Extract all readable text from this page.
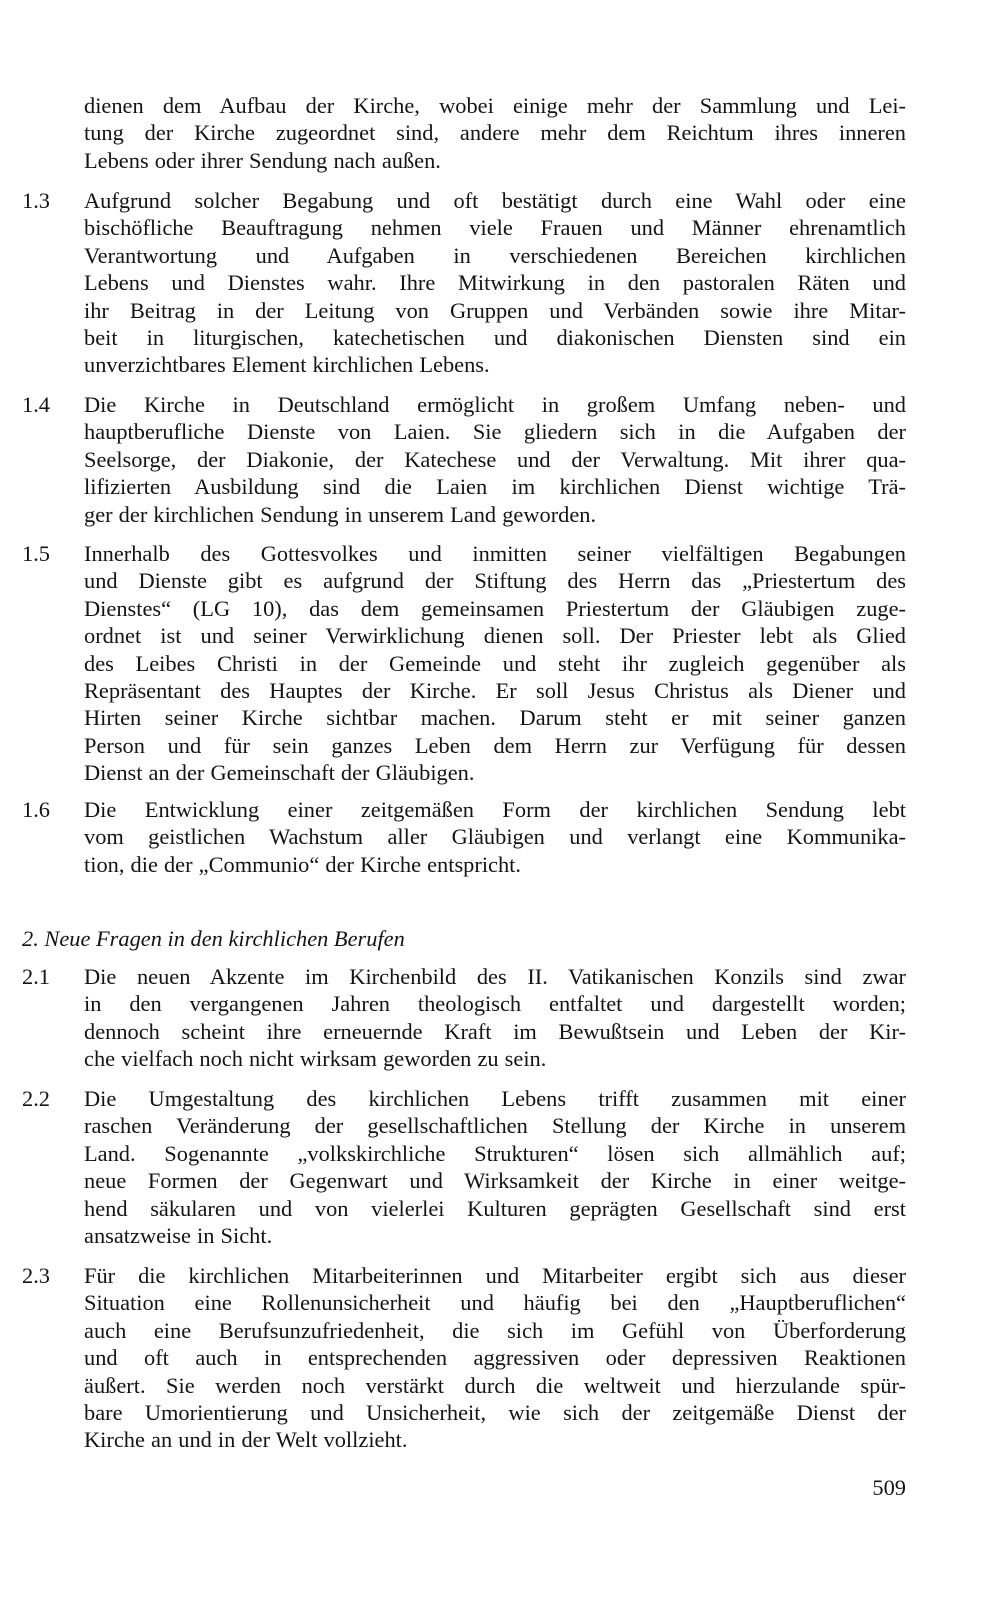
dienen dem Aufbau der Kirche, wobei einige mehr der Sammlung und Lei-
tung der Kirche zugeordnet sind, andere mehr dem Reichtum ihres inneren
Lebens oder ihrer Sendung nach außen.
1.3	Aufgrund solcher Begabung und oft bestätigt durch eine Wahl oder eine
bischöfliche Beauftragung nehmen viele Frauen und Männer ehrenamtlich
Verantwortung und Aufgaben in verschiedenen Bereichen kirchlichen
Lebens und Dienstes wahr. Ihre Mitwirkung in den pastoralen Räten und
ihr Beitrag in der Leitung von Gruppen und Verbänden sowie ihre Mitar-
beit in liturgischen, katechetischen und diakonischen Diensten sind ein
unverzichtbares Element kirchlichen Lebens.
1.4	Die Kirche in Deutschland ermöglicht in großem Umfang neben- und
hauptberufliche Dienste von Laien. Sie gliedern sich in die Aufgaben der
Seelsorge, der Diakonie, der Katechese und der Verwaltung. Mit ihrer qua-
lifizierten Ausbildung sind die Laien im kirchlichen Dienst wichtige Trä-
ger der kirchlichen Sendung in unserem Land geworden.
1.5	Innerhalb des Gottesvolkes und inmitten seiner vielfältigen Begabungen
und Dienste gibt es aufgrund der Stiftung des Herrn das „Priestertum des
Dienstes“ (LG 10), das dem gemeinsamen Priestertum der Gläubigen zuge-
ordnet ist und seiner Verwirklichung dienen soll. Der Priester lebt als Glied
des Leibes Christi in der Gemeinde und steht ihr zugleich gegenüber als
Repräsentant des Hauptes der Kirche. Er soll Jesus Christus als Diener und
Hirten seiner Kirche sichtbar machen. Darum steht er mit seiner ganzen
Person und für sein ganzes Leben dem Herrn zur Verfügung für dessen
Dienst an der Gemeinschaft der Gläubigen.
1.6	Die Entwicklung einer zeitgemäßen Form der kirchlichen Sendung lebt
vom geistlichen Wachstum aller Gläubigen und verlangt eine Kommunika-
tion, die der „Communio“ der Kirche entspricht.
2. Neue Fragen in den kirchlichen Berufen
2.1	Die neuen Akzente im Kirchenbild des II. Vatikanischen Konzils sind zwar
in den vergangenen Jahren theologisch entfaltet und dargestellt worden;
dennoch scheint ihre erneuernde Kraft im Bewußtsein und Leben der Kir-
che vielfach noch nicht wirksam geworden zu sein.
2.2	Die Umgestaltung des kirchlichen Lebens trifft zusammen mit einer
raschen Veränderung der gesellschaftlichen Stellung der Kirche in unserem
Land. Sogenannte „volkskirchliche Strukturen“ lösen sich allmählich auf;
neue Formen der Gegenwart und Wirksamkeit der Kirche in einer weitge-
hend säkularen und von vielerlei Kulturen geprägten Gesellschaft sind erst
ansatzweise in Sicht.
2.3	Für die kirchlichen Mitarbeiterinnen und Mitarbeiter ergibt sich aus dieser
Situation eine Rollenunsicherheit und häufig bei den „Hauptberuflichen“
auch eine Berufsunzufriedenheit, die sich im Gefühl von Überforderung
und oft auch in entsprechenden aggressiven oder depressiven Reaktionen
äußert. Sie werden noch verstärkt durch die weltweit und hierzulande spür-
bare Umorientierung und Unsicherheit, wie sich der zeitgemäße Dienst der
Kirche an und in der Welt vollzieht.
509
